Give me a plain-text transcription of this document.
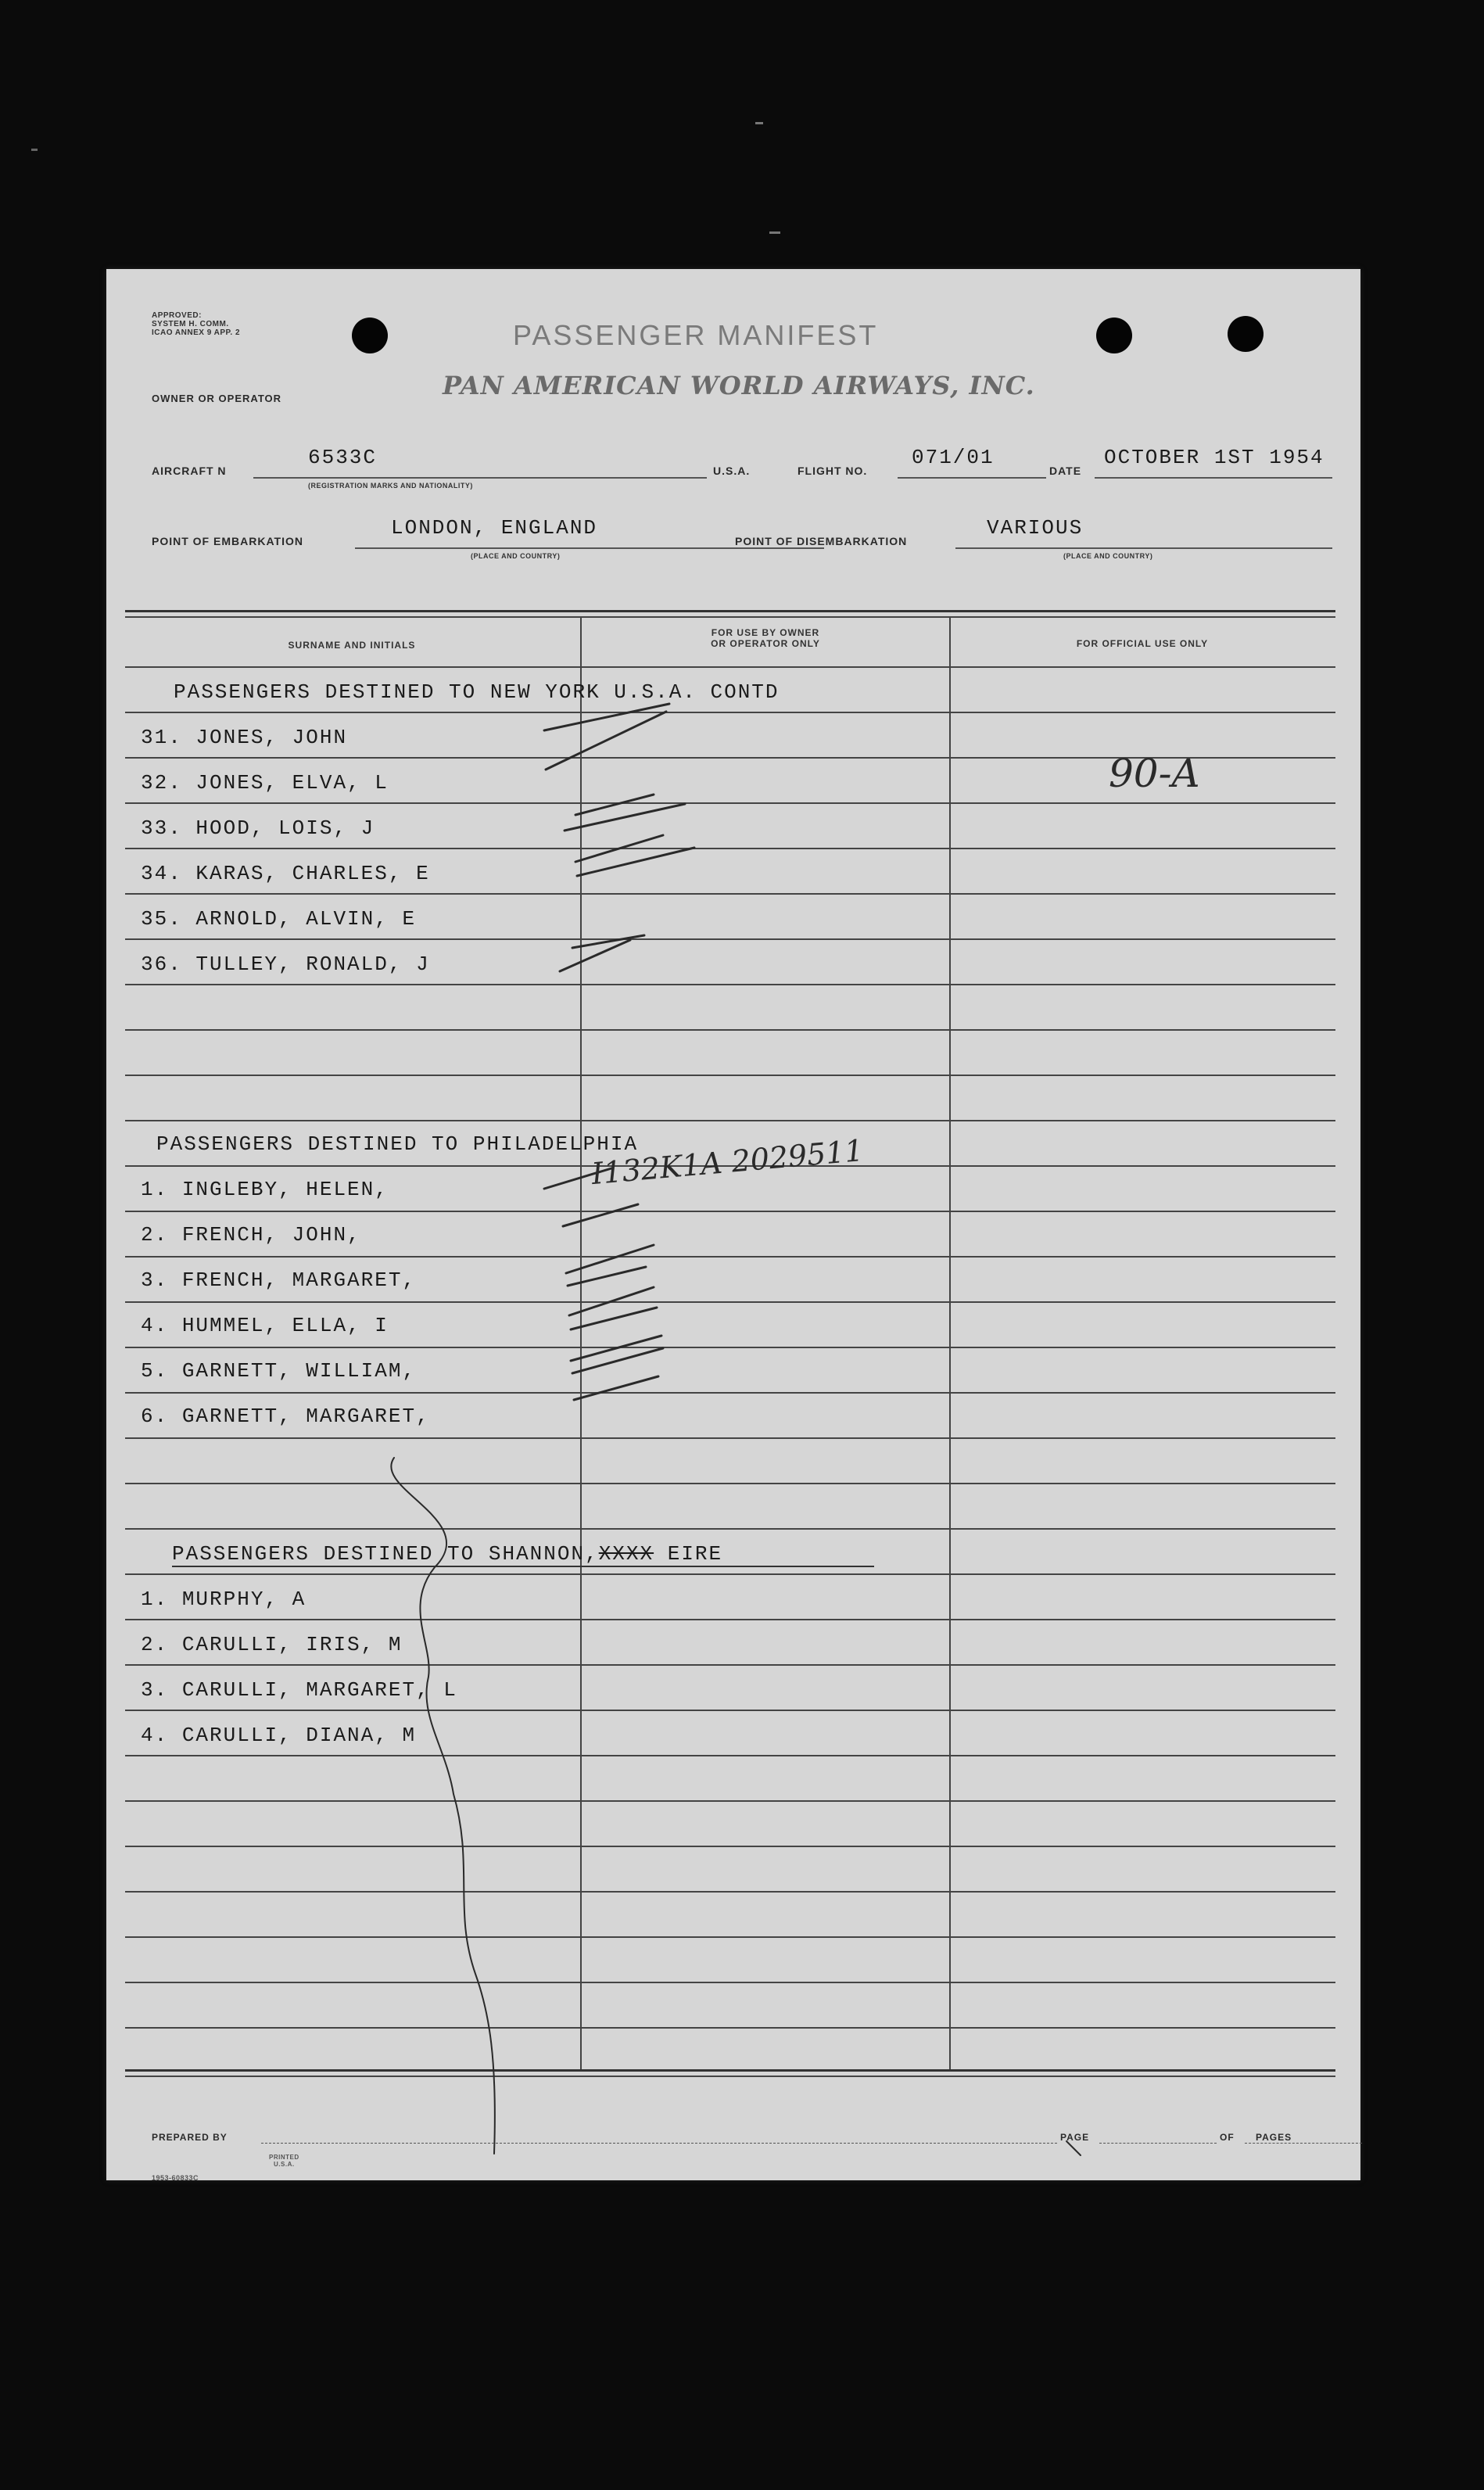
APPROVED:
SYSTEM H. COMM.
ICAO ANNEX 9 APP. 2	PASSENGER MANIFEST
OWNER OR OPERATOR	PAN AMERICAN WORLD AIRWAYS, INC.
AIRCRAFT N
6533C
(REGISTRATION MARKS AND NATIONALITY)
U.S.A.	FLIGHT NO.
071/01
DATE
OCTOBER 1ST 1954
POINT OF EMBARKATION
LONDON, ENGLAND
(PLACE AND COUNTRY)
POINT OF DISEMBARKATION
VARIOUS
(PLACE AND COUNTRY)
SURNAME AND INITIALS
FOR USE BY OWNER
OR OPERATOR ONLY	FOR OFFICIAL USE ONLY
PASSENGERS DESTINED TO NEW YORK U.S.A. CONTD
31. JONES, JOHN
32. JONES, ELVA, L
33. HOOD, LOIS, J
34. KARAS, CHARLES, E
35. ARNOLD, ALVIN, E
36. TULLEY, RONALD, J
PASSENGERS DESTINED TO PHILADELPHIA
1. INGLEBY, HELEN,
2. FRENCH, JOHN,
3. FRENCH, MARGARET,
4. HUMMEL, ELLA, I
5. GARNETT, WILLIAM,
6. GARNETT, MARGARET,
PASSENGERS DESTINED TO SHANNON,XXXX EIRE
1. MURPHY, A
2. CARULLI, IRIS, M
3. CARULLI, MARGARET, L
4. CARULLI, DIANA, M
90-A
I132K1A 2029511
PREPARED BY	PAGE	OF PAGES
1953-60833C
PRINTED
U.S.A.
